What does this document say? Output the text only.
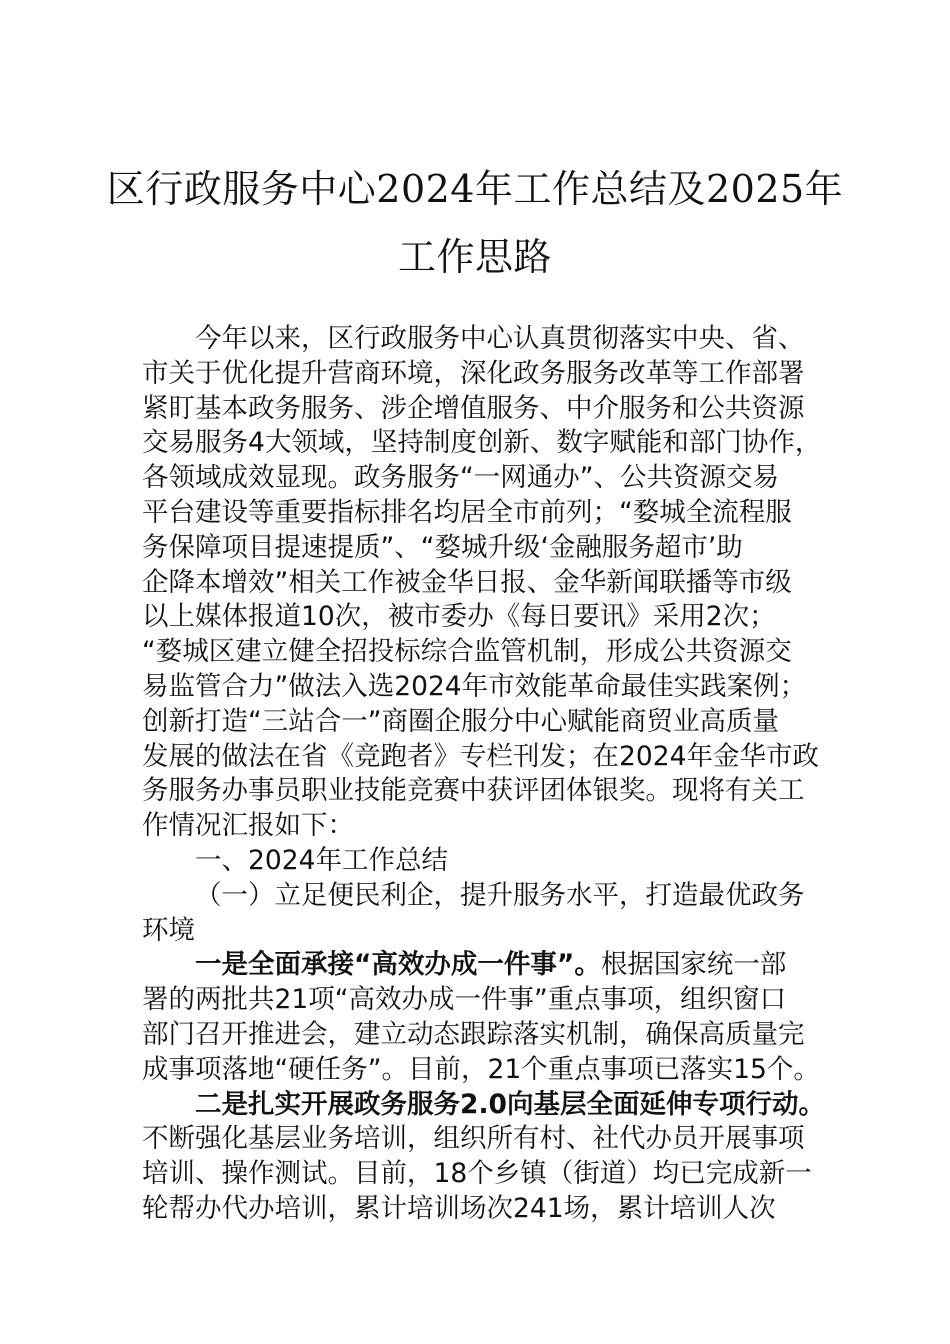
区行政服务中心2024年工作总结及2025年
工作思路
今年以来，区行政服务中心认真贯彻落实中央、省、
市关于优化提升营商环境，深化政务服务改革等工作部署
紧盯基本政务服务、涉企增值服务、中介服务和公共资源
交易服务4大领域，坚持制度创新、数字赋能和部门协作，
各领域成效显现。政务服务“一网通办”、公共资源交易
平台建设等重要指标排名均居全市前列；“婺城全流程服
务保障项目提速提质”、“婺城升级‘金融服务超市’助
企降本增效”相关工作被金华日报、金华新闻联播等市级
以上媒体报道10次，被市委办《每日要讯》采用2次；
“婺城区建立健全招投标综合监管机制，形成公共资源交
易监管合力”做法入选2024年市效能革命最佳实践案例；
创新打造“三站合一”商圈企服分中心赋能商贸业高质量
发展的做法在省《竞跑者》专栏刊发；在2024年金华市政
务服务办事员职业技能竞赛中获评团体银奖。现将有关工
作情况汇报如下：
一、2024年工作总结
（一）立足便民利企，提升服务水平，打造最优政务
环境
一是全面承接“高效办成一件事”。根据国家统一部
署的两批共21项“高效办成一件事”重点事项，组织窗口
部门召开推进会，建立动态跟踪落实机制，确保高质量完
成事项落地“硬任务”。目前，21个重点事项已落实15个。
二是扎实开展政务服务2.0向基层全面延伸专项行动。
不断强化基层业务培训，组织所有村、社代办员开展事项
培训、操作测试。目前，18个乡镇（街道）均已完成新一
轮帮办代办培训，累计培训场次241场，累计培训人次
